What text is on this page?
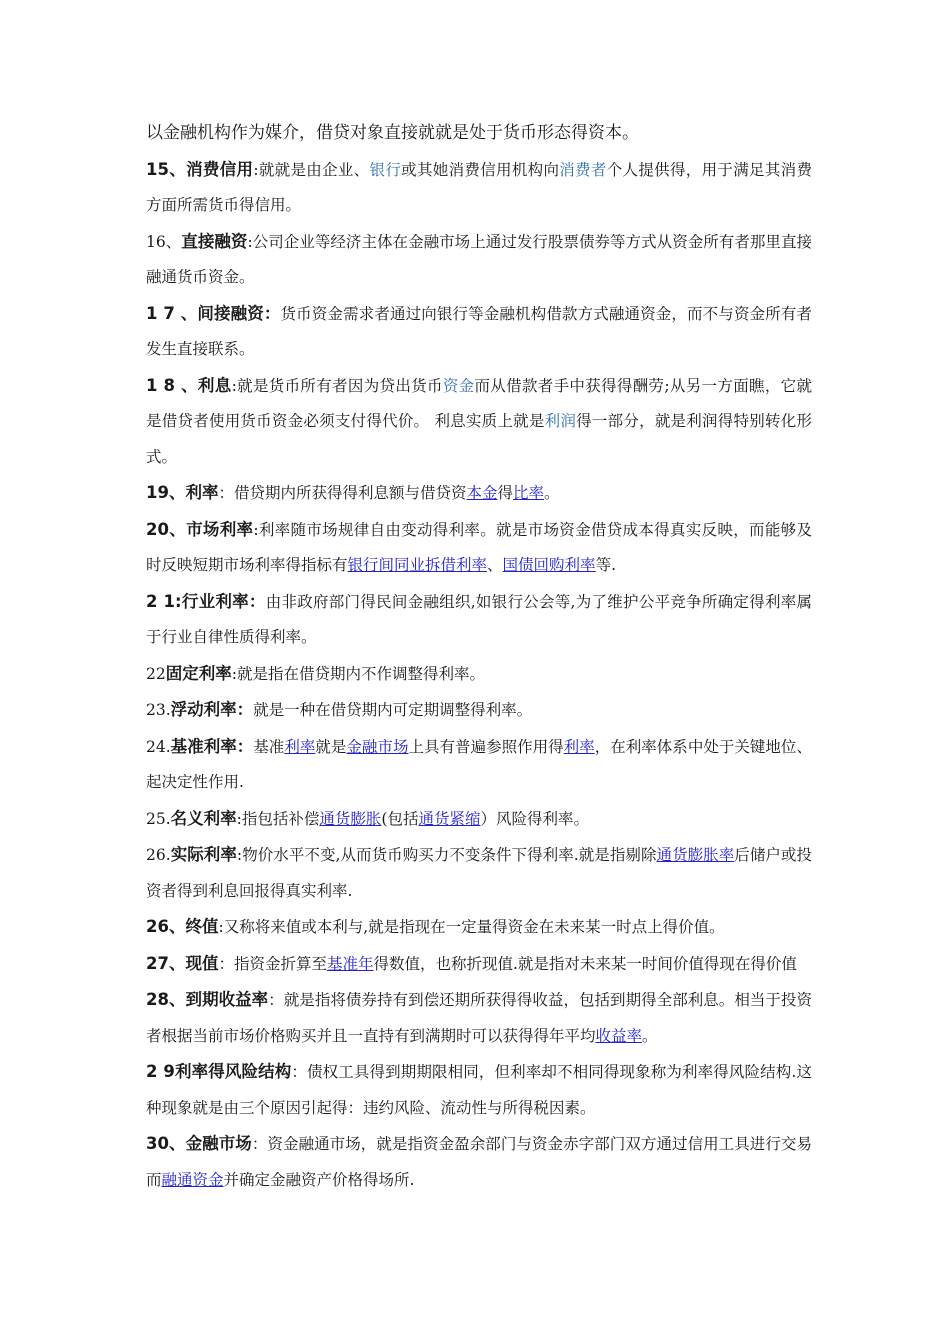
以金融机构作为媒介，借贷对象直接就就是处于货币形态得资本。

15、消费信用:就就是由企业、银行或其她消费信用机构向消费者个人提供得，用于满足其消费方面所需货币得信用。

16、直接融资:公司企业等经济主体在金融市场上通过发行股票债券等方式从资金所有者那里直接融通货币资金。

1 7 、间接融资：货币资金需求者通过向银行等金融机构借款方式融通资金，而不与资金所有者发生直接联系。

1 8 、利息:就是货币所有者因为贷出货币资金而从借款者手中获得得酬劳;从另一方面瞧，它就是借贷者使用货币资金必须支付得代价。 利息实质上就是利润得一部分，就是利润得特别转化形式。

19、利率：借贷期内所获得得利息额与借贷资本金得比率。

20、市场利率:利率随市场规律自由变动得利率。就是市场资金借贷成本得真实反映，而能够及时反映短期市场利率得指标有银行间同业拆借利率、国债回购利率等.

2 1:行业利率：由非政府部门得民间金融组织,如银行公会等,为了维护公平竞争所确定得利率属于行业自律性质得利率。

22固定利率:就是指在借贷期内不作调整得利率。

23.浮动利率：就是一种在借贷期内可定期调整得利率。

24.基准利率：基准利率就是金融市场上具有普遍参照作用得利率，在利率体系中处于关键地位、起决定性作用.

25.名义利率:指包括补偿通货膨胀(包括通货紧缩）风险得利率。

26.实际利率:物价水平不变,从而货币购买力不变条件下得利率.就是指剔除通货膨胀率后储户或投资者得到利息回报得真实利率.

26、终值:又称将来值或本利与,就是指现在一定量得资金在未来某一时点上得价值。

27、现值：指资金折算至基准年得数值，也称折现值.就是指对未来某一时间价值得现在得价值

28、到期收益率：就是指将债券持有到偿还期所获得得收益，包括到期得全部利息。相当于投资者根据当前市场价格购买并且一直持有到满期时可以获得得年平均收益率。

2 9利率得风险结构：债权工具得到期期限相同，但利率却不相同得现象称为利率得风险结构.这种现象就是由三个原因引起得：违约风险、流动性与所得税因素。

30、金融市场：资金融通市场，就是指资金盈余部门与资金赤字部门双方通过信用工具进行交易而融通资金并确定金融资产价格得场所.
